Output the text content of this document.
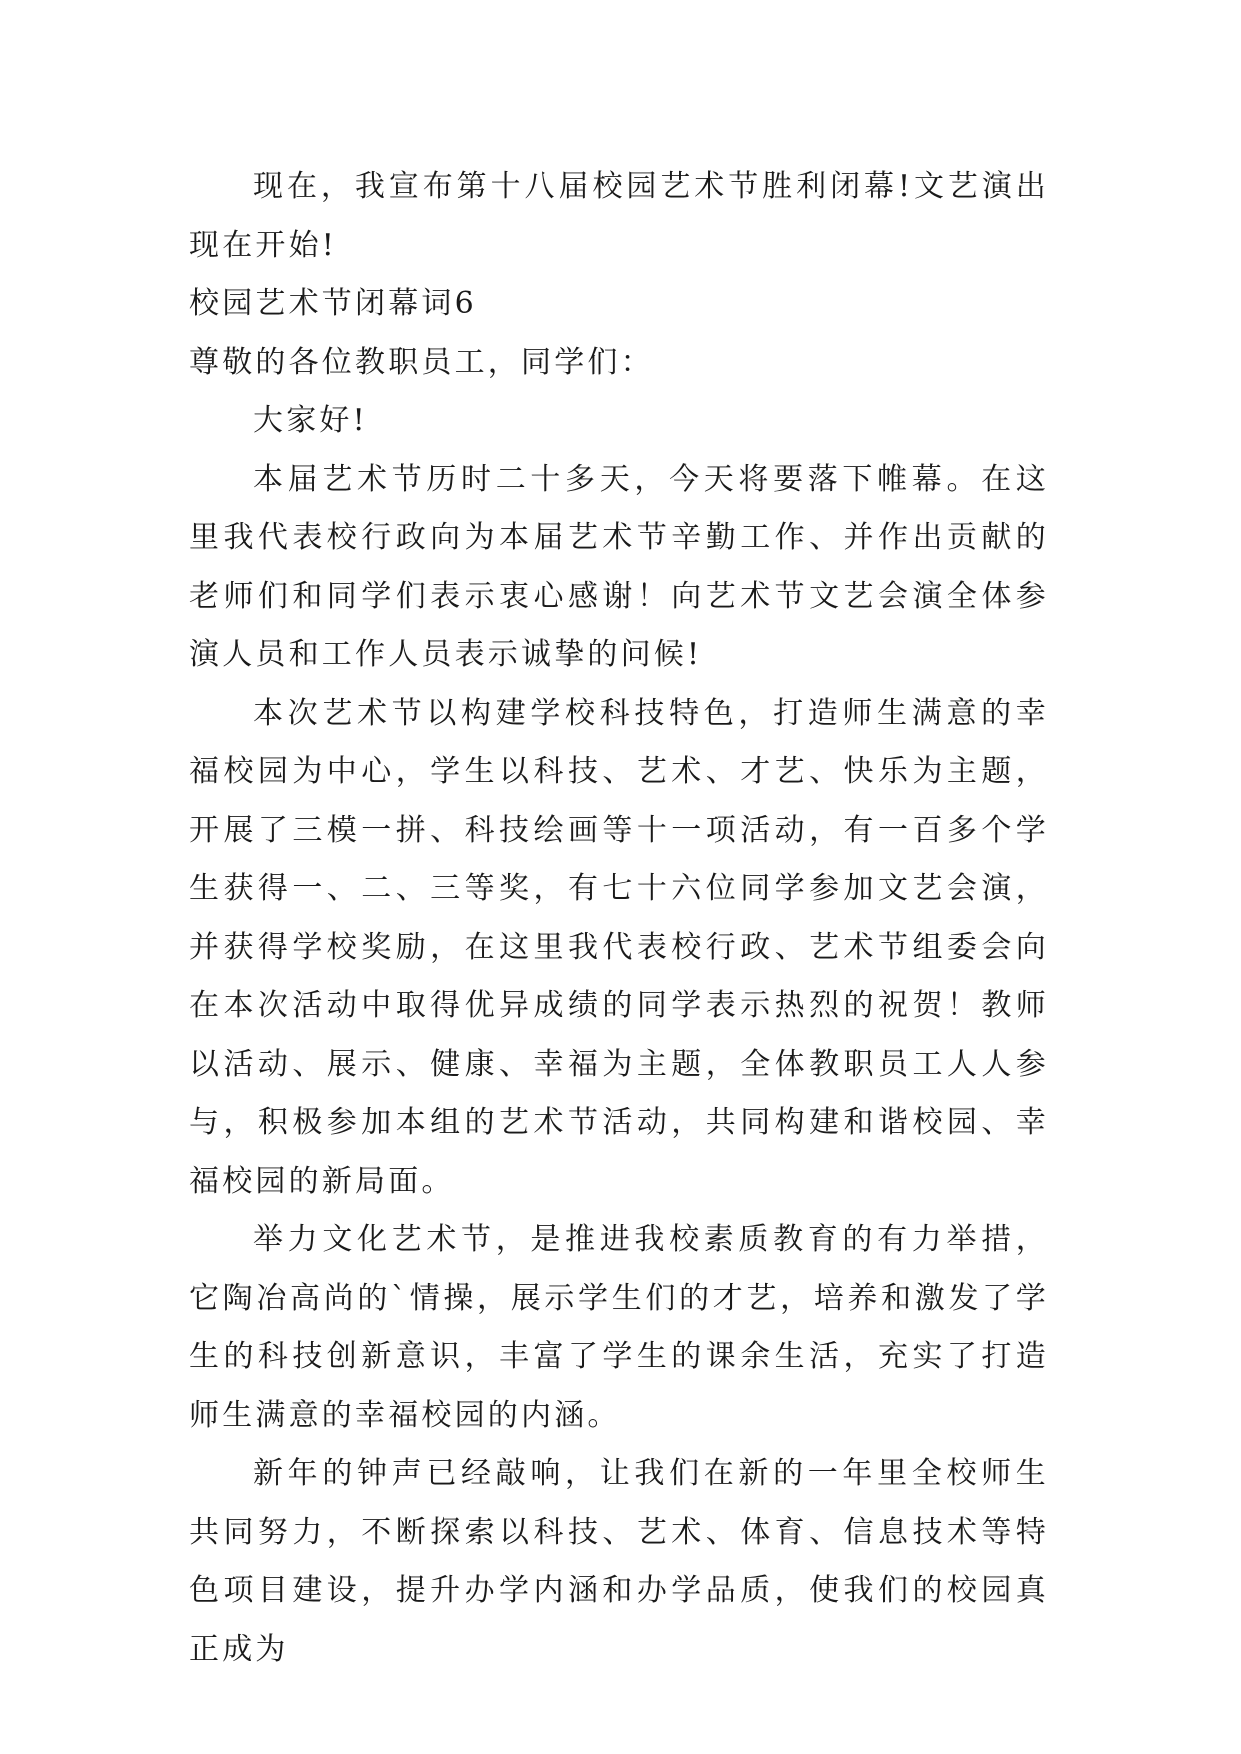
现在，我宣布第十八届校园艺术节胜利闭幕!文艺演出现在开始!

校园艺术节闭幕词6

尊敬的各位教职员工，同学们：

大家好!

本届艺术节历时二十多天，今天将要落下帷幕。在这里我代表校行政向为本届艺术节辛勤工作、并作出贡献的老师们和同学们表示衷心感谢！向艺术节文艺会演全体参演人员和工作人员表示诚挚的问候!

本次艺术节以构建学校科技特色，打造师生满意的幸福校园为中心，学生以科技、艺术、才艺、快乐为主题，开展了三模一拼、科技绘画等十一项活动，有一百多个学生获得一、二、三等奖，有七十六位同学参加文艺会演，并获得学校奖励，在这里我代表校行政、艺术节组委会向在本次活动中取得优异成绩的同学表示热烈的祝贺！教师以活动、展示、健康、幸福为主题，全体教职员工人人参与，积极参加本组的艺术节活动，共同构建和谐校园、幸福校园的新局面。

举力文化艺术节，是推进我校素质教育的有力举措，它陶冶高尚的`情操，展示学生们的才艺，培养和激发了学生的科技创新意识，丰富了学生的课余生活，充实了打造师生满意的幸福校园的内涵。

新年的钟声已经敲响，让我们在新的一年里全校师生共同努力，不断探索以科技、艺术、体育、信息技术等特色项目建设，提升办学内涵和办学品质，使我们的校园真正成为
